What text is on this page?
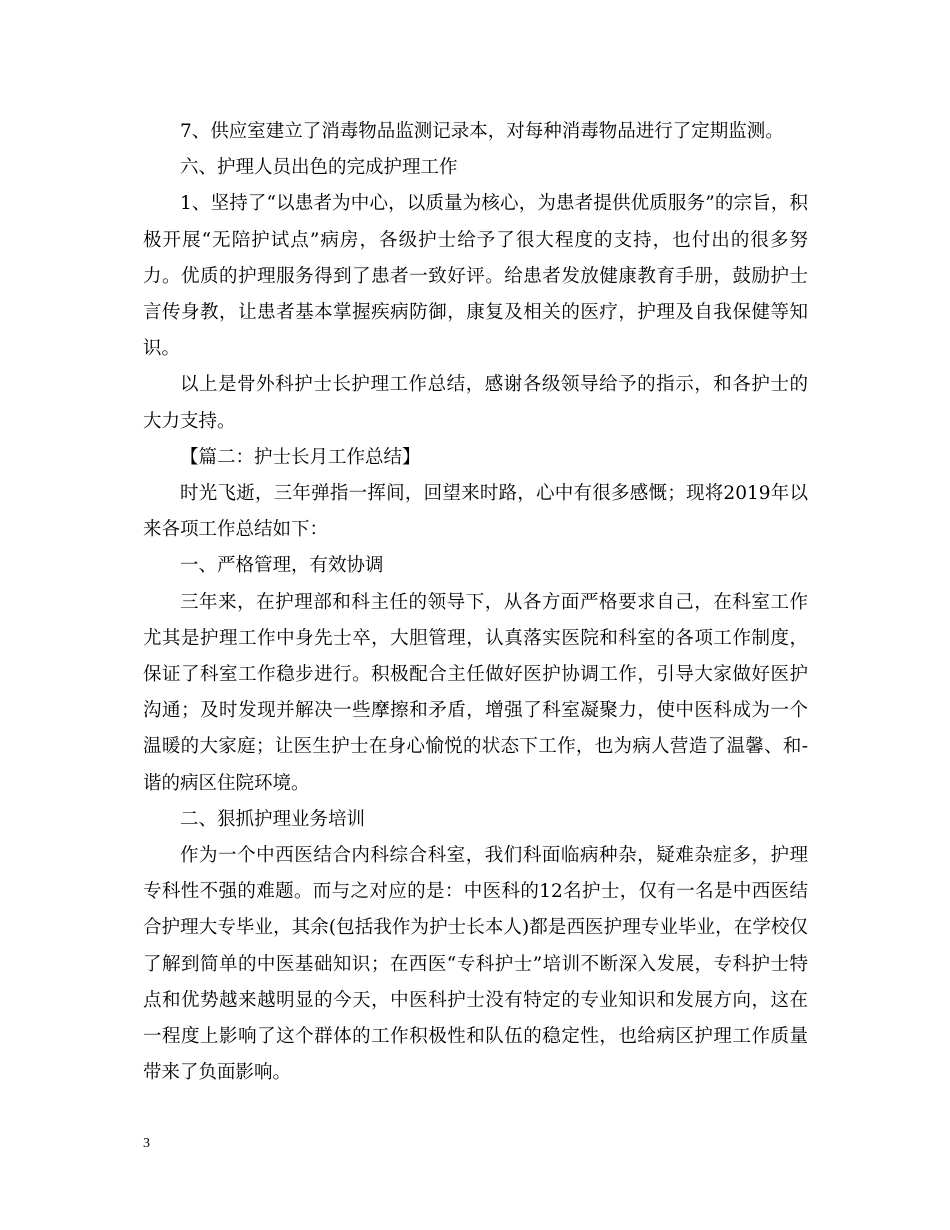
7、供应室建立了消毒物品监测记录本，对每种消毒物品进行了定期监测。

六、护理人员出色的完成护理工作

1、坚持了“以患者为中心，以质量为核心，为患者提供优质服务”的宗旨，积极开展“无陪护试点”病房，各级护士给予了很大程度的支持，也付出的很多努力。优质的护理服务得到了患者一致好评。给患者发放健康教育手册，鼓励护士言传身教，让患者基本掌握疾病防御，康复及相关的医疗，护理及自我保健等知识。

以上是骨外科护士长护理工作总结，感谢各级领导给予的指示，和各护士的大力支持。

【篇二：护士长月工作总结】

时光飞逝，三年弹指一挥间，回望来时路，心中有很多感慨；现将2019年以来各项工作总结如下：

一、严格管理，有效协调

三年来，在护理部和科主任的领导下，从各方面严格要求自己，在科室工作尤其是护理工作中身先士卒，大胆管理，认真落实医院和科室的各项工作制度，保证了科室工作稳步进行。积极配合主任做好医护协调工作，引导大家做好医护沟通；及时发现并解决一些摩擦和矛盾，增强了科室凝聚力，使中医科成为一个温暖的大家庭；让医生护士在身心愉悦的状态下工作，也为病人营造了温馨、和-谐的病区住院环境。

二、狠抓护理业务培训

作为一个中西医结合内科综合科室，我们科面临病种杂，疑难杂症多，护理专科性不强的难题。而与之对应的是：中医科的12名护士，仅有一名是中西医结合护理大专毕业，其余(包括我作为护士长本人)都是西医护理专业毕业，在学校仅了解到简单的中医基础知识；在西医“专科护士”培训不断深入发展，专科护士特点和优势越来越明显的今天，中医科护士没有特定的专业知识和发展方向，这在一程度上影响了这个群体的工作积极性和队伍的稳定性，也给病区护理工作质量带来了负面影响。

3
